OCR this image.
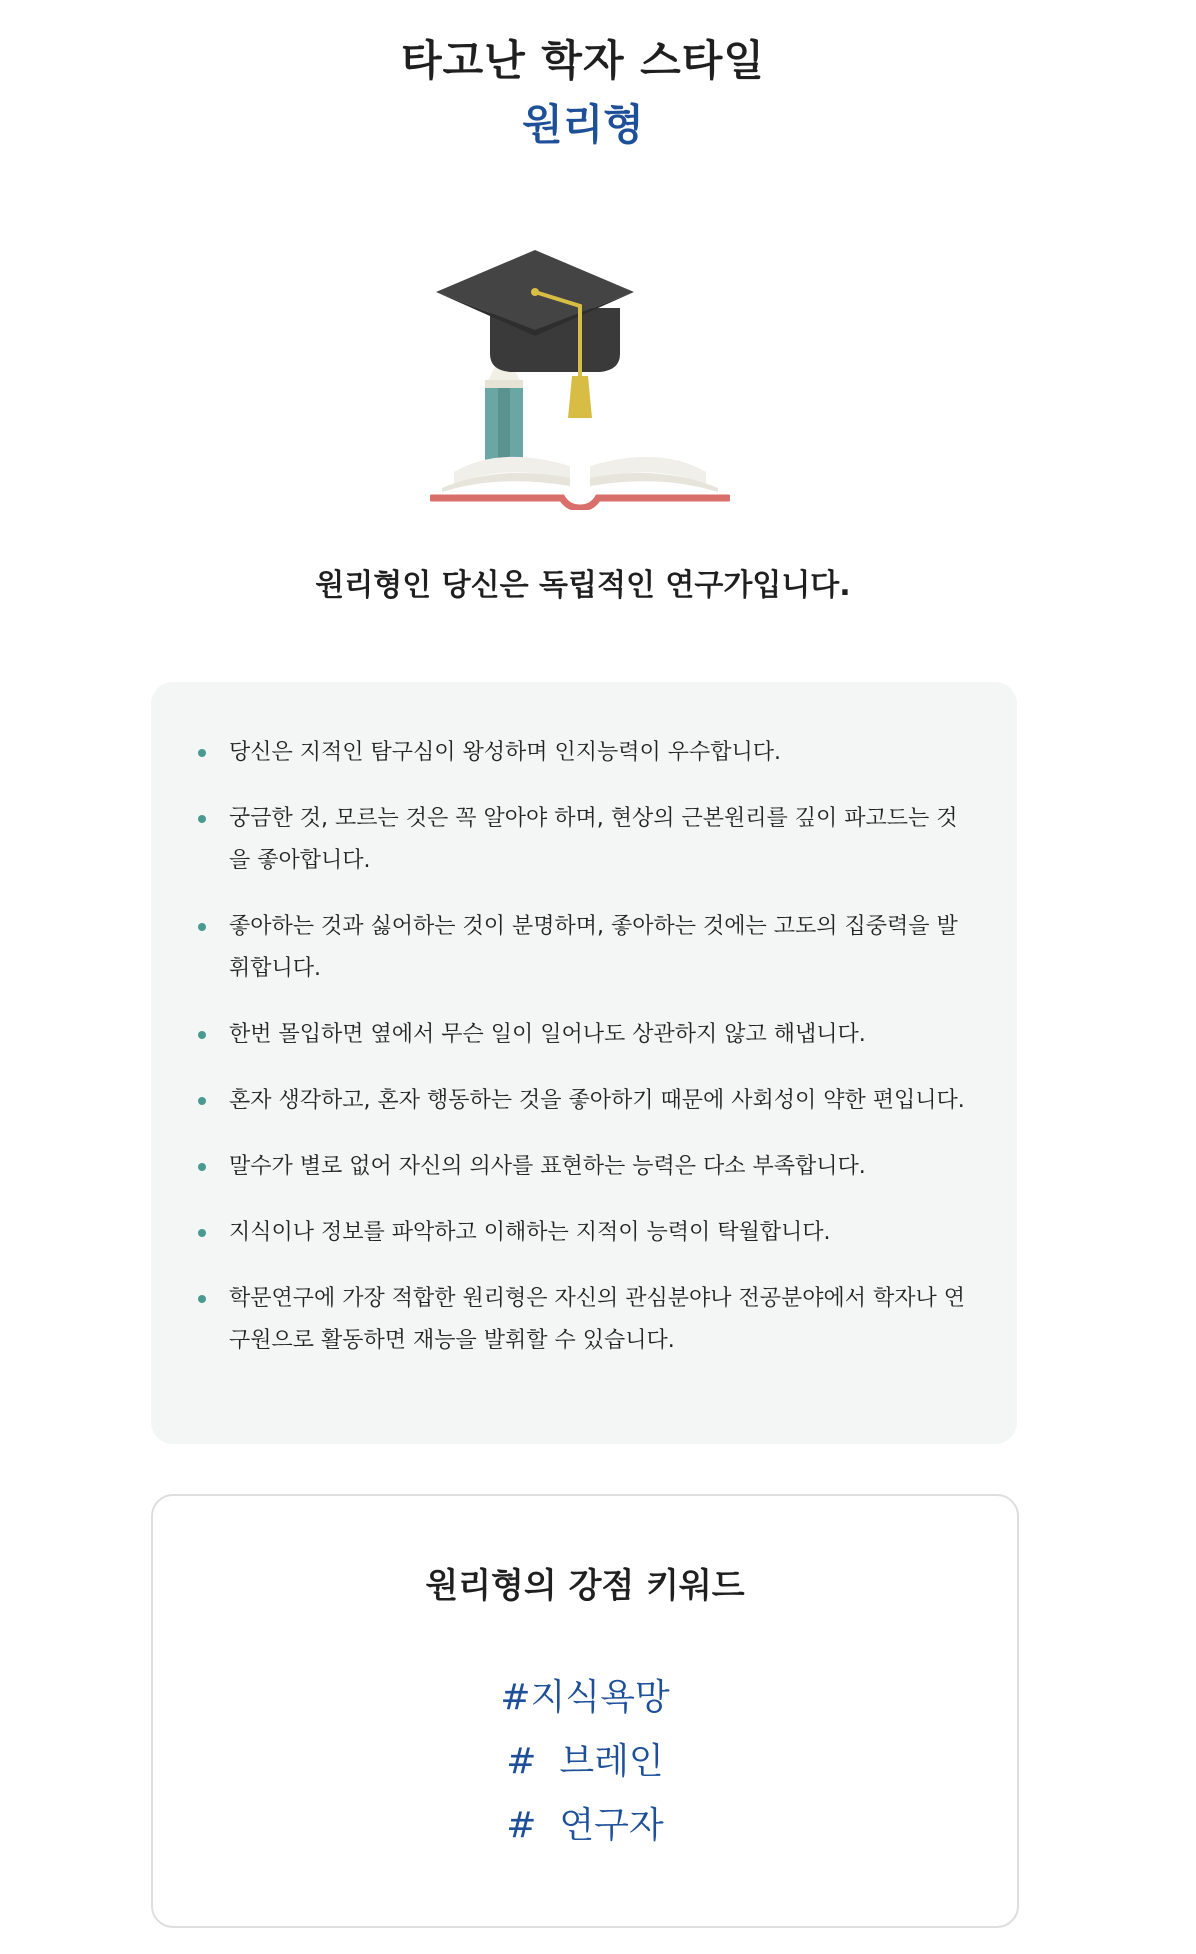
타고난 학자 스타일
원리형
원리형인 당신은 독립적인 연구가입니다.
당신은 지적인 탐구심이 왕성하며 인지능력이 우수합니다.
궁금한 것, 모르는 것은 꼭 알아야 하며, 현상의 근본원리를 깊이 파고드는 것을 좋아합니다.
좋아하는 것과 싫어하는 것이 분명하며, 좋아하는 것에는 고도의 집중력을 발휘합니다.
한번 몰입하면 옆에서 무슨 일이 일어나도 상관하지 않고 해냅니다.
혼자 생각하고, 혼자 행동하는 것을 좋아하기 때문에 사회성이 약한 편입니다.
말수가 별로 없어 자신의 의사를 표현하는 능력은 다소 부족합니다.
지식이나 정보를 파악하고 이해하는 지적이 능력이 탁월합니다.
학문연구에 가장 적합한 원리형은 자신의 관심분야나 전공분야에서 학자나 연구원으로 활동하면 재능을 발휘할 수 있습니다.
원리형의 강점 키워드
#지식욕망
#  브레인
#  연구자
